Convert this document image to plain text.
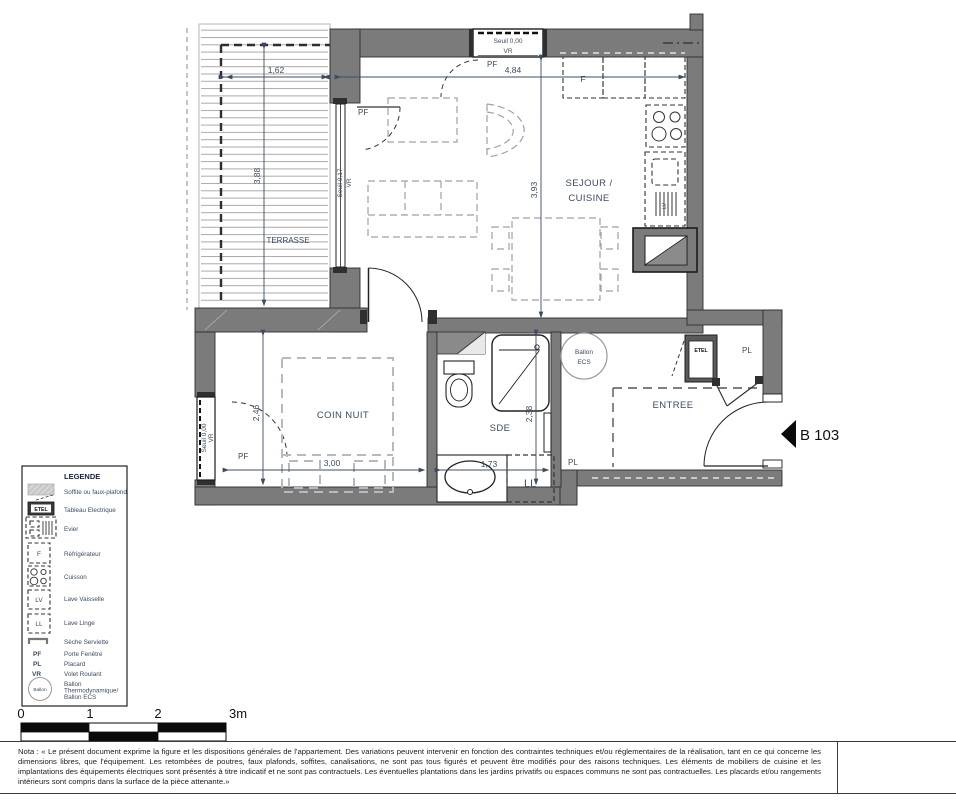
TERRASSE
Seuil 0,00
VR
PF
Seuil 0,17 VR
PF
Seuil 0,00 VR
PF
F
LV
SEJOUR /
CUISINE
COIN NUIT
LL
SDE
Ballon
ECS
PL
ENTREE
ETEL	PL
B 103
1,62	4,84
3,88
3,93
2,46
3,00	1,73
2,38
LEGENDE
Soffite ou faux-plafond
ETEL	Tableau Electrique
Evier
F	Réfrigérateur
Cuisson
LV	Lave Vaisselle
LL	Lave Linge
Sèche Serviette
PF	Porte Fenêtre
PL	Placard
VR	Volet Roulant
Ballon
Ballon
Thermodynamique/
Ballon ECS
0	1	2	3m
Nota : « Le présent document exprime la figure et les dispositions générales de l'appartement. Des variations peuvent intervenir en fonction des contraintes techniques et/ou réglementaires de la réalisation, tant en ce qui concerne les dimensions libres, que l'équipement. Les retombées de poutres, faux plafonds, soffites, canalisations, ne sont pas tous figurés et peuvent être modifiés pour des raisons techniques. Les éléments de mobiliers de cuisine et les implantations des équipements électriques sont présentés à titre indicatif et ne sont pas contractuels. Les éventuelles plantations dans les jardins privatifs ou espaces communs ne sont pas contractuelles. Les placards et/ou rangements intérieurs sont compris dans la surface de la pièce attenante.»
